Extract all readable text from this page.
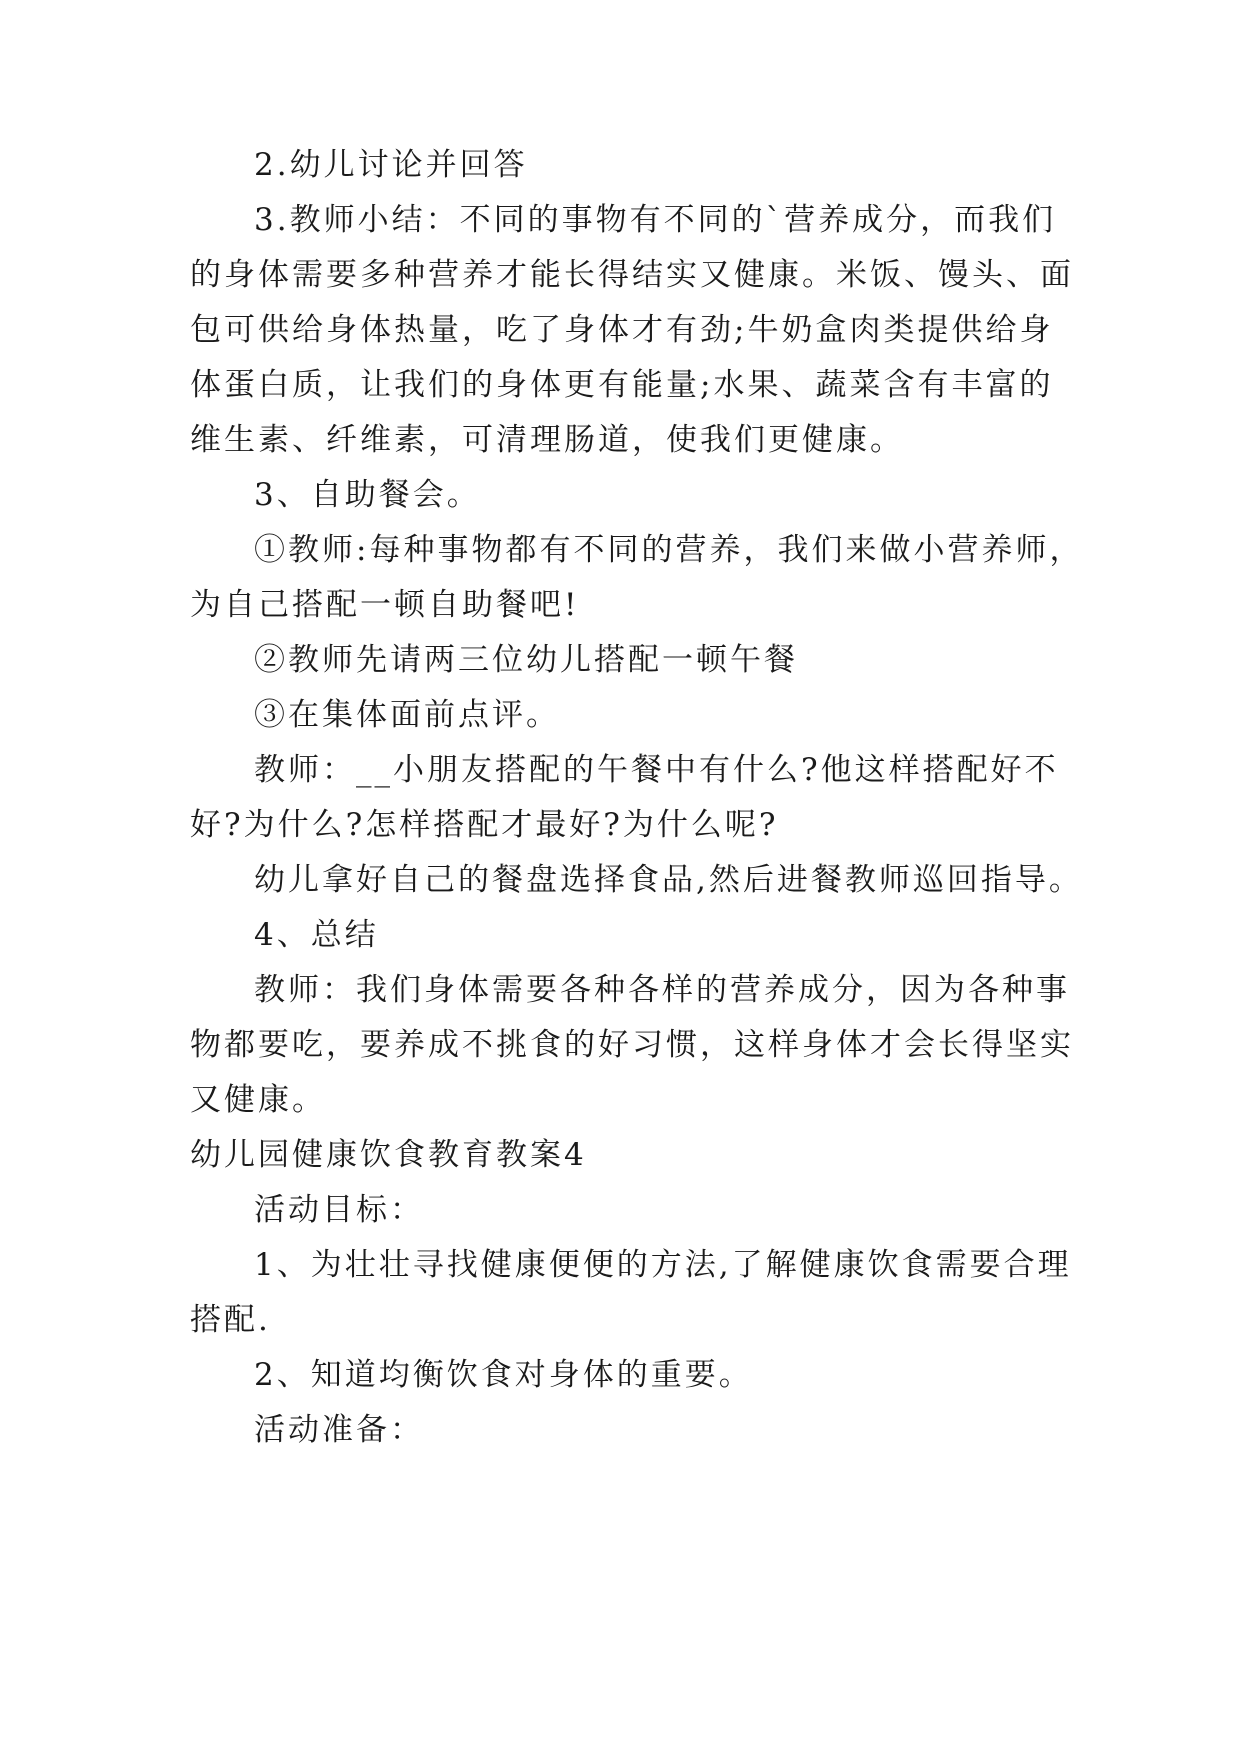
2.幼儿讨论并回答
3.教师小结：不同的事物有不同的`营养成分，而我们
的身体需要多种营养才能长得结实又健康。米饭、馒头、面
包可供给身体热量，吃了身体才有劲;牛奶盒肉类提供给身
体蛋白质，让我们的身体更有能量;水果、蔬菜含有丰富的
维生素、纤维素，可清理肠道，使我们更健康。
3、自助餐会。
①教师:每种事物都有不同的营养，我们来做小营养师，
为自己搭配一顿自助餐吧!
②教师先请两三位幼儿搭配一顿午餐
③在集体面前点评。
教师：__小朋友搭配的午餐中有什么?他这样搭配好不
好?为什么?怎样搭配才最好?为什么呢?
幼儿拿好自己的餐盘选择食品,然后进餐教师巡回指导。
4、总结
教师：我们身体需要各种各样的营养成分，因为各种事
物都要吃，要养成不挑食的好习惯，这样身体才会长得坚实
又健康。
幼儿园健康饮食教育教案4
活动目标：
1、为壮壮寻找健康便便的方法,了解健康饮食需要合理
搭配.
2、知道均衡饮食对身体的重要。
活动准备：
